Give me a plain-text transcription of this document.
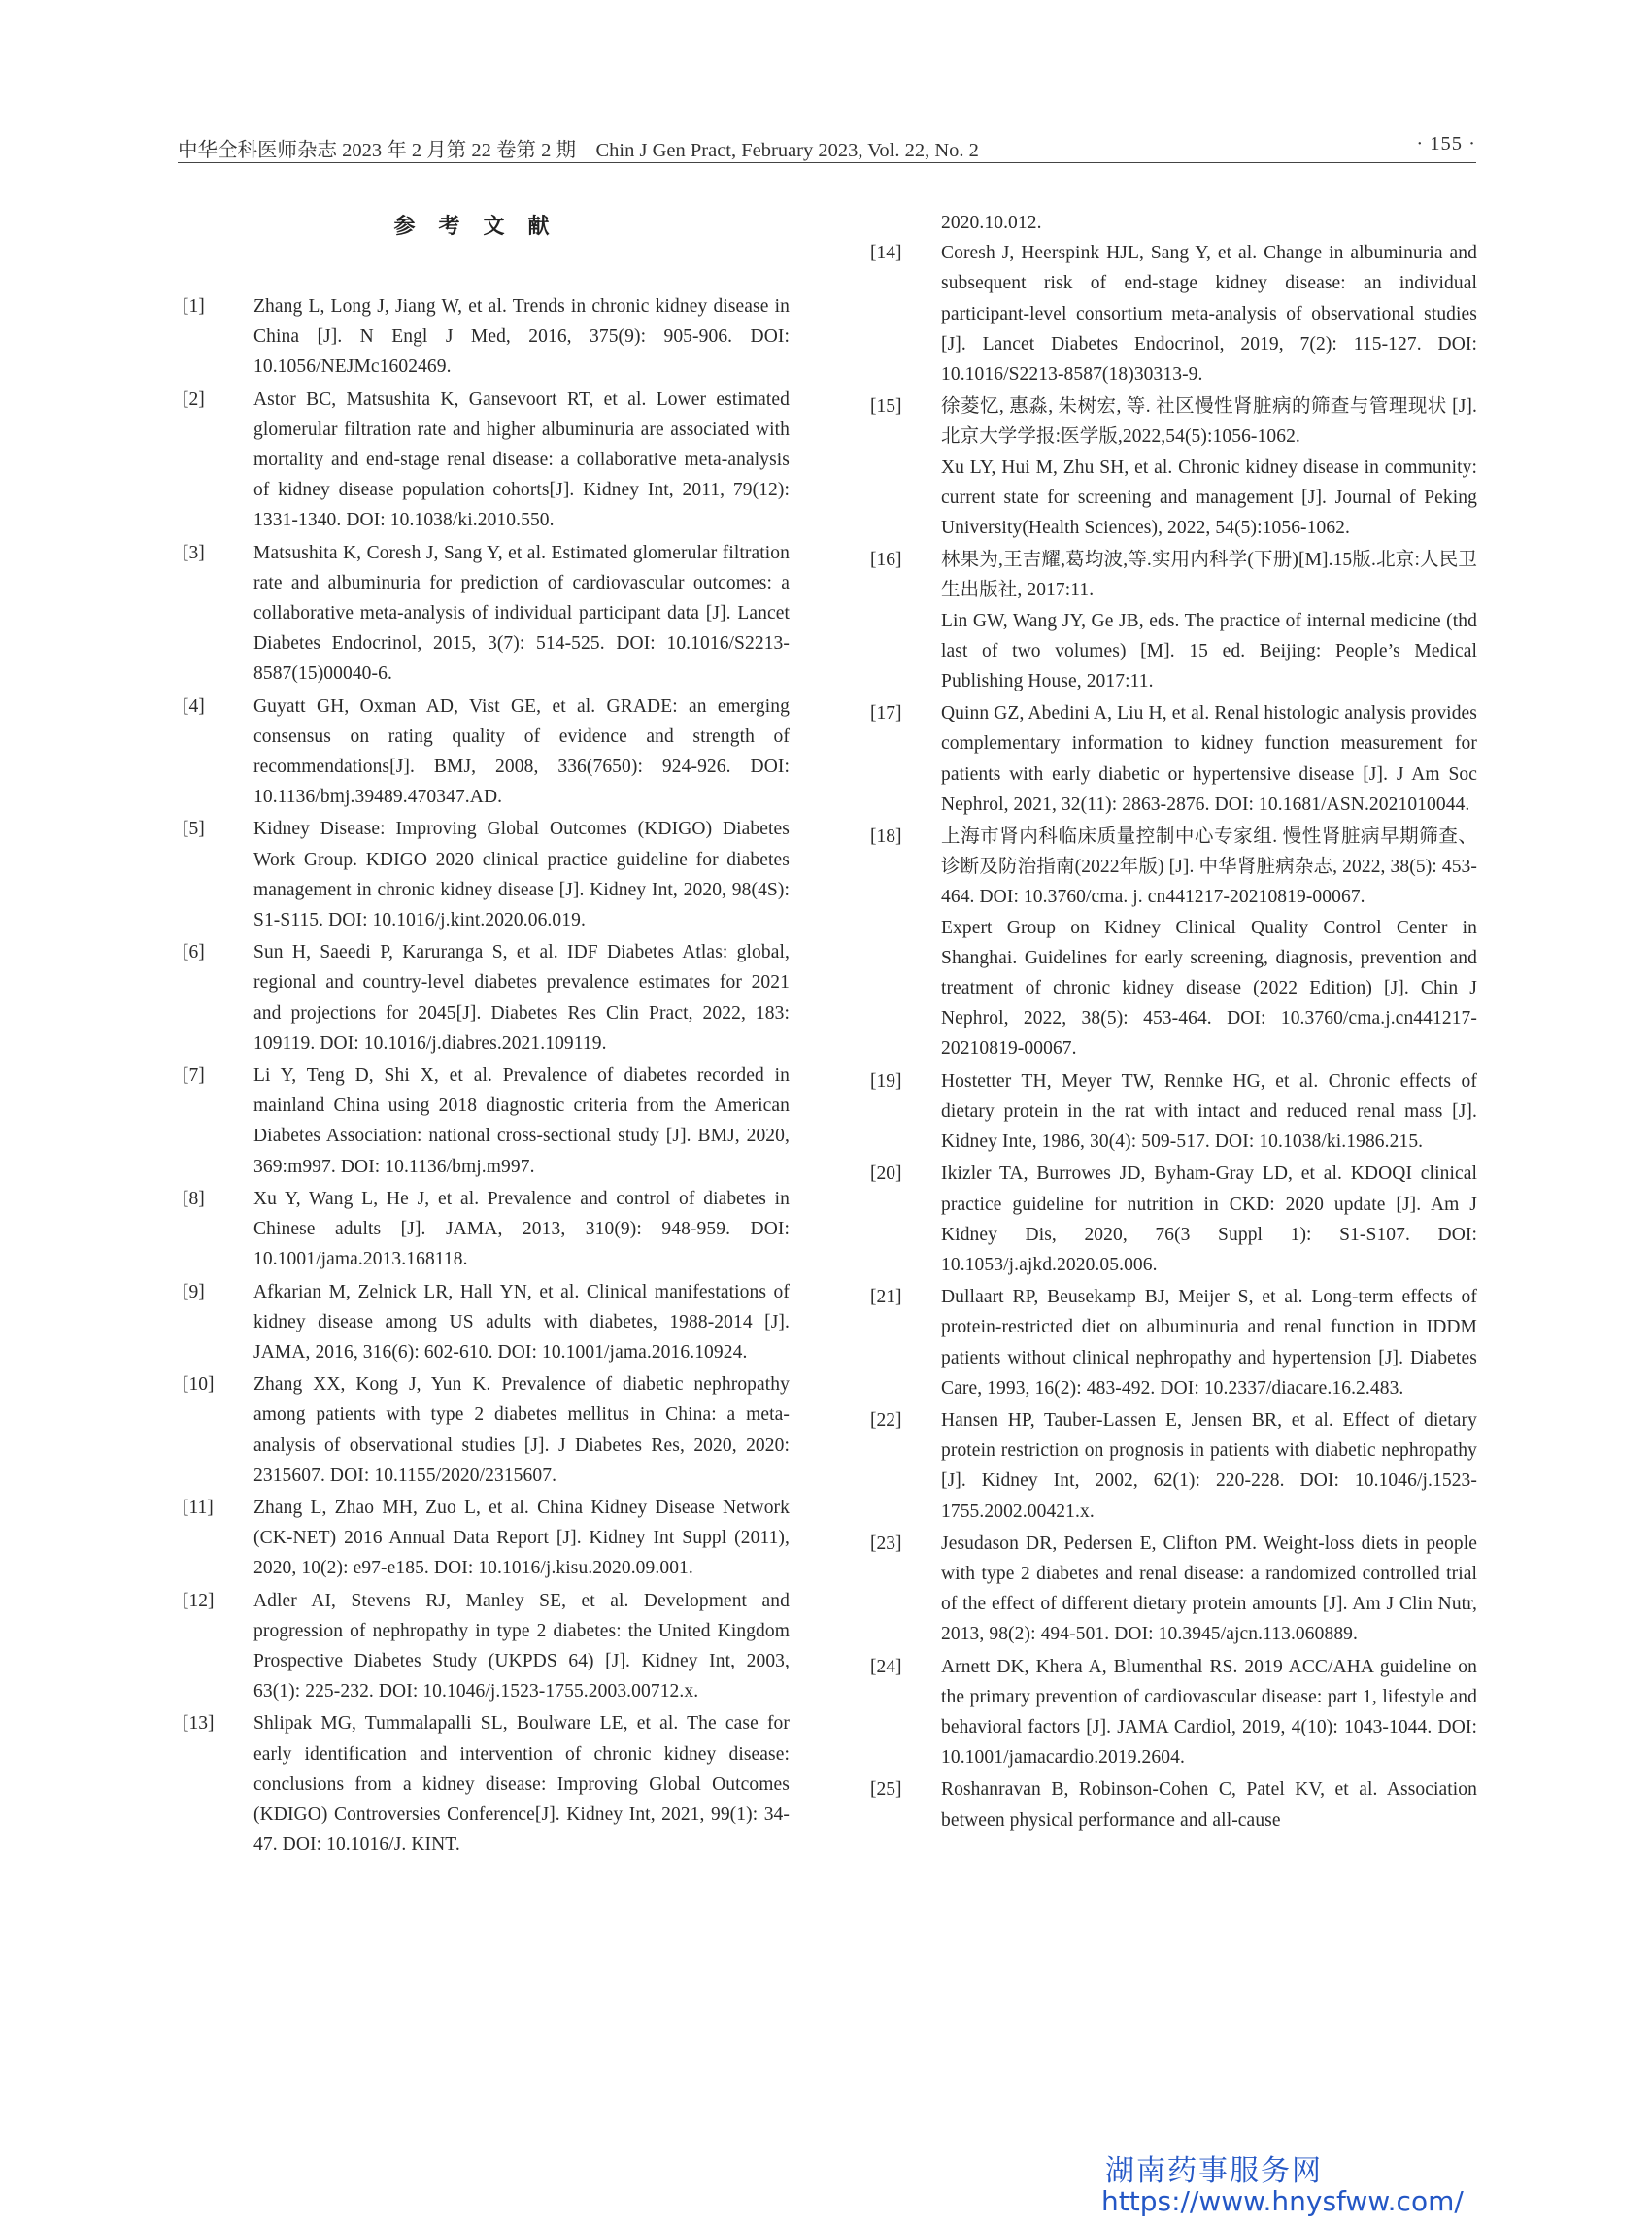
中华全科医师杂志 2023 年 2 月第 22 卷第 2 期　Chin J Gen Pract, February 2023, Vol. 22, No. 2	· 155 ·
参考文献
[1]	Zhang L, Long J, Jiang W, et al. Trends in chronic kidney disease in China [J]. N Engl J Med, 2016, 375(9): 905-906. DOI: 10.1056/NEJMc1602469.
[2]	Astor BC, Matsushita K, Gansevoort RT, et al. Lower estimated glomerular filtration rate and higher albuminuria are associated with mortality and end-stage renal disease: a collaborative meta-analysis of kidney disease population cohorts[J]. Kidney Int, 2011, 79(12): 1331-1340. DOI: 10.1038/ki.2010.550.
[3]	Matsushita K, Coresh J, Sang Y, et al. Estimated glomerular filtration rate and albuminuria for prediction of cardiovascular outcomes: a collaborative meta-analysis of individual participant data [J]. Lancet Diabetes Endocrinol, 2015, 3(7): 514-525. DOI: 10.1016/S2213-8587(15)00040-6.
[4]	Guyatt GH, Oxman AD, Vist GE, et al. GRADE: an emerging consensus on rating quality of evidence and strength of recommendations[J]. BMJ, 2008, 336(7650): 924-926. DOI: 10.1136/bmj.39489.470347.AD.
[5]	Kidney Disease: Improving Global Outcomes (KDIGO) Diabetes Work Group. KDIGO 2020 clinical practice guideline for diabetes management in chronic kidney disease [J]. Kidney Int, 2020, 98(4S): S1-S115. DOI: 10.1016/j.kint.2020.06.019.
[6]	Sun H, Saeedi P, Karuranga S, et al. IDF Diabetes Atlas: global, regional and country-level diabetes prevalence estimates for 2021 and projections for 2045[J]. Diabetes Res Clin Pract, 2022, 183: 109119. DOI: 10.1016/j.diabres.2021.109119.
[7]	Li Y, Teng D, Shi X, et al. Prevalence of diabetes recorded in mainland China using 2018 diagnostic criteria from the American Diabetes Association: national cross-sectional study [J]. BMJ, 2020, 369:m997. DOI: 10.1136/bmj.m997.
[8]	Xu Y, Wang L, He J, et al. Prevalence and control of diabetes in Chinese adults [J]. JAMA, 2013, 310(9): 948-959. DOI: 10.1001/jama.2013.168118.
[9]	Afkarian M, Zelnick LR, Hall YN, et al. Clinical manifestations of kidney disease among US adults with diabetes, 1988-2014 [J]. JAMA, 2016, 316(6): 602-610. DOI: 10.1001/jama.2016.10924.
[10] Zhang XX, Kong J, Yun K. Prevalence of diabetic nephropathy among patients with type 2 diabetes mellitus in China: a meta-analysis of observational studies [J]. J Diabetes Res, 2020, 2020: 2315607. DOI: 10.1155/2020/2315607.
[11] Zhang L, Zhao MH, Zuo L, et al. China Kidney Disease Network (CK-NET) 2016 Annual Data Report [J]. Kidney Int Suppl (2011), 2020, 10(2): e97-e185. DOI: 10.1016/j.kisu.2020.09.001.
[12] Adler AI, Stevens RJ, Manley SE, et al. Development and progression of nephropathy in type 2 diabetes: the United Kingdom Prospective Diabetes Study (UKPDS 64) [J]. Kidney Int, 2003, 63(1): 225-232. DOI: 10.1046/j.1523-1755.2003.00712.x.
[13] Shlipak MG, Tummalapalli SL, Boulware LE, et al. The case for early identification and intervention of chronic kidney disease: conclusions from a kidney disease: Improving Global Outcomes (KDIGO) Controversies Conference[J]. Kidney Int, 2021, 99(1): 34-47. DOI: 10.1016/J. KINT.
2020.10.012.
[14] Coresh J, Heerspink HJL, Sang Y, et al. Change in albuminuria and subsequent risk of end-stage kidney disease: an individual participant-level consortium meta-analysis of observational studies [J]. Lancet Diabetes Endocrinol, 2019, 7(2): 115-127. DOI: 10.1016/S2213-8587(18)30313-9.
[15] 徐菱忆, 惠淼, 朱树宏, 等. 社区慢性肾脏病的筛查与管理现状 [J]. 北京大学学报:医学版,2022,54(5):1056-1062.
Xu LY, Hui M, Zhu SH, et al. Chronic kidney disease in community: current state for screening and management [J]. Journal of Peking University(Health Sciences), 2022, 54(5):1056-1062.
[16] 林果为,王吉耀,葛均波,等.实用内科学(下册)[M].15版.北京:人民卫生出版社, 2017:11.
Lin GW, Wang JY, Ge JB, eds. The practice of internal medicine (thd last of two volumes) [M]. 15 ed. Beijing: People’s Medical Publishing House, 2017:11.
[17] Quinn GZ, Abedini A, Liu H, et al. Renal histologic analysis provides complementary information to kidney function measurement for patients with early diabetic or hypertensive disease [J]. J Am Soc Nephrol, 2021, 32(11): 2863-2876. DOI: 10.1681/ASN.2021010044.
[18] 上海市肾内科临床质量控制中心专家组. 慢性肾脏病早期筛查、诊断及防治指南(2022年版) [J]. 中华肾脏病杂志, 2022, 38(5): 453-464. DOI: 10.3760/cma. j. cn441217-20210819-00067.
Expert Group on Kidney Clinical Quality Control Center in Shanghai. Guidelines for early screening, diagnosis, prevention and treatment of chronic kidney disease (2022 Edition) [J]. Chin J Nephrol, 2022, 38(5): 453-464. DOI: 10.3760/cma.j.cn441217-20210819-00067.
[19] Hostetter TH, Meyer TW, Rennke HG, et al. Chronic effects of dietary protein in the rat with intact and reduced renal mass [J]. Kidney Inte, 1986, 30(4): 509-517. DOI: 10.1038/ki.1986.215.
[20] Ikizler TA, Burrowes JD, Byham-Gray LD, et al. KDOQI clinical practice guideline for nutrition in CKD: 2020 update [J]. Am J Kidney Dis, 2020, 76(3 Suppl 1): S1-S107. DOI: 10.1053/j.ajkd.2020.05.006.
[21] Dullaart RP, Beusekamp BJ, Meijer S, et al. Long-term effects of protein-restricted diet on albuminuria and renal function in IDDM patients without clinical nephropathy and hypertension [J]. Diabetes Care, 1993, 16(2): 483-492. DOI: 10.2337/diacare.16.2.483.
[22] Hansen HP, Tauber-Lassen E, Jensen BR, et al. Effect of dietary protein restriction on prognosis in patients with diabetic nephropathy [J]. Kidney Int, 2002, 62(1): 220-228. DOI: 10.1046/j.1523-1755.2002.00421.x.
[23] Jesudason DR, Pedersen E, Clifton PM. Weight-loss diets in people with type 2 diabetes and renal disease: a randomized controlled trial of the effect of different dietary protein amounts [J]. Am J Clin Nutr, 2013, 98(2): 494-501. DOI: 10.3945/ajcn.113.060889.
[24] Arnett DK, Khera A, Blumenthal RS. 2019 ACC/AHA guideline on the primary prevention of cardiovascular disease: part 1, lifestyle and behavioral factors [J]. JAMA Cardiol, 2019, 4(10): 1043-1044. DOI: 10.1001/jamacardio.2019.2604.
[25] Roshanravan B, Robinson-Cohen C, Patel KV, et al. Association between physical performance and all-cause
湖南药事服务网
https://www.hnysfww.com/
